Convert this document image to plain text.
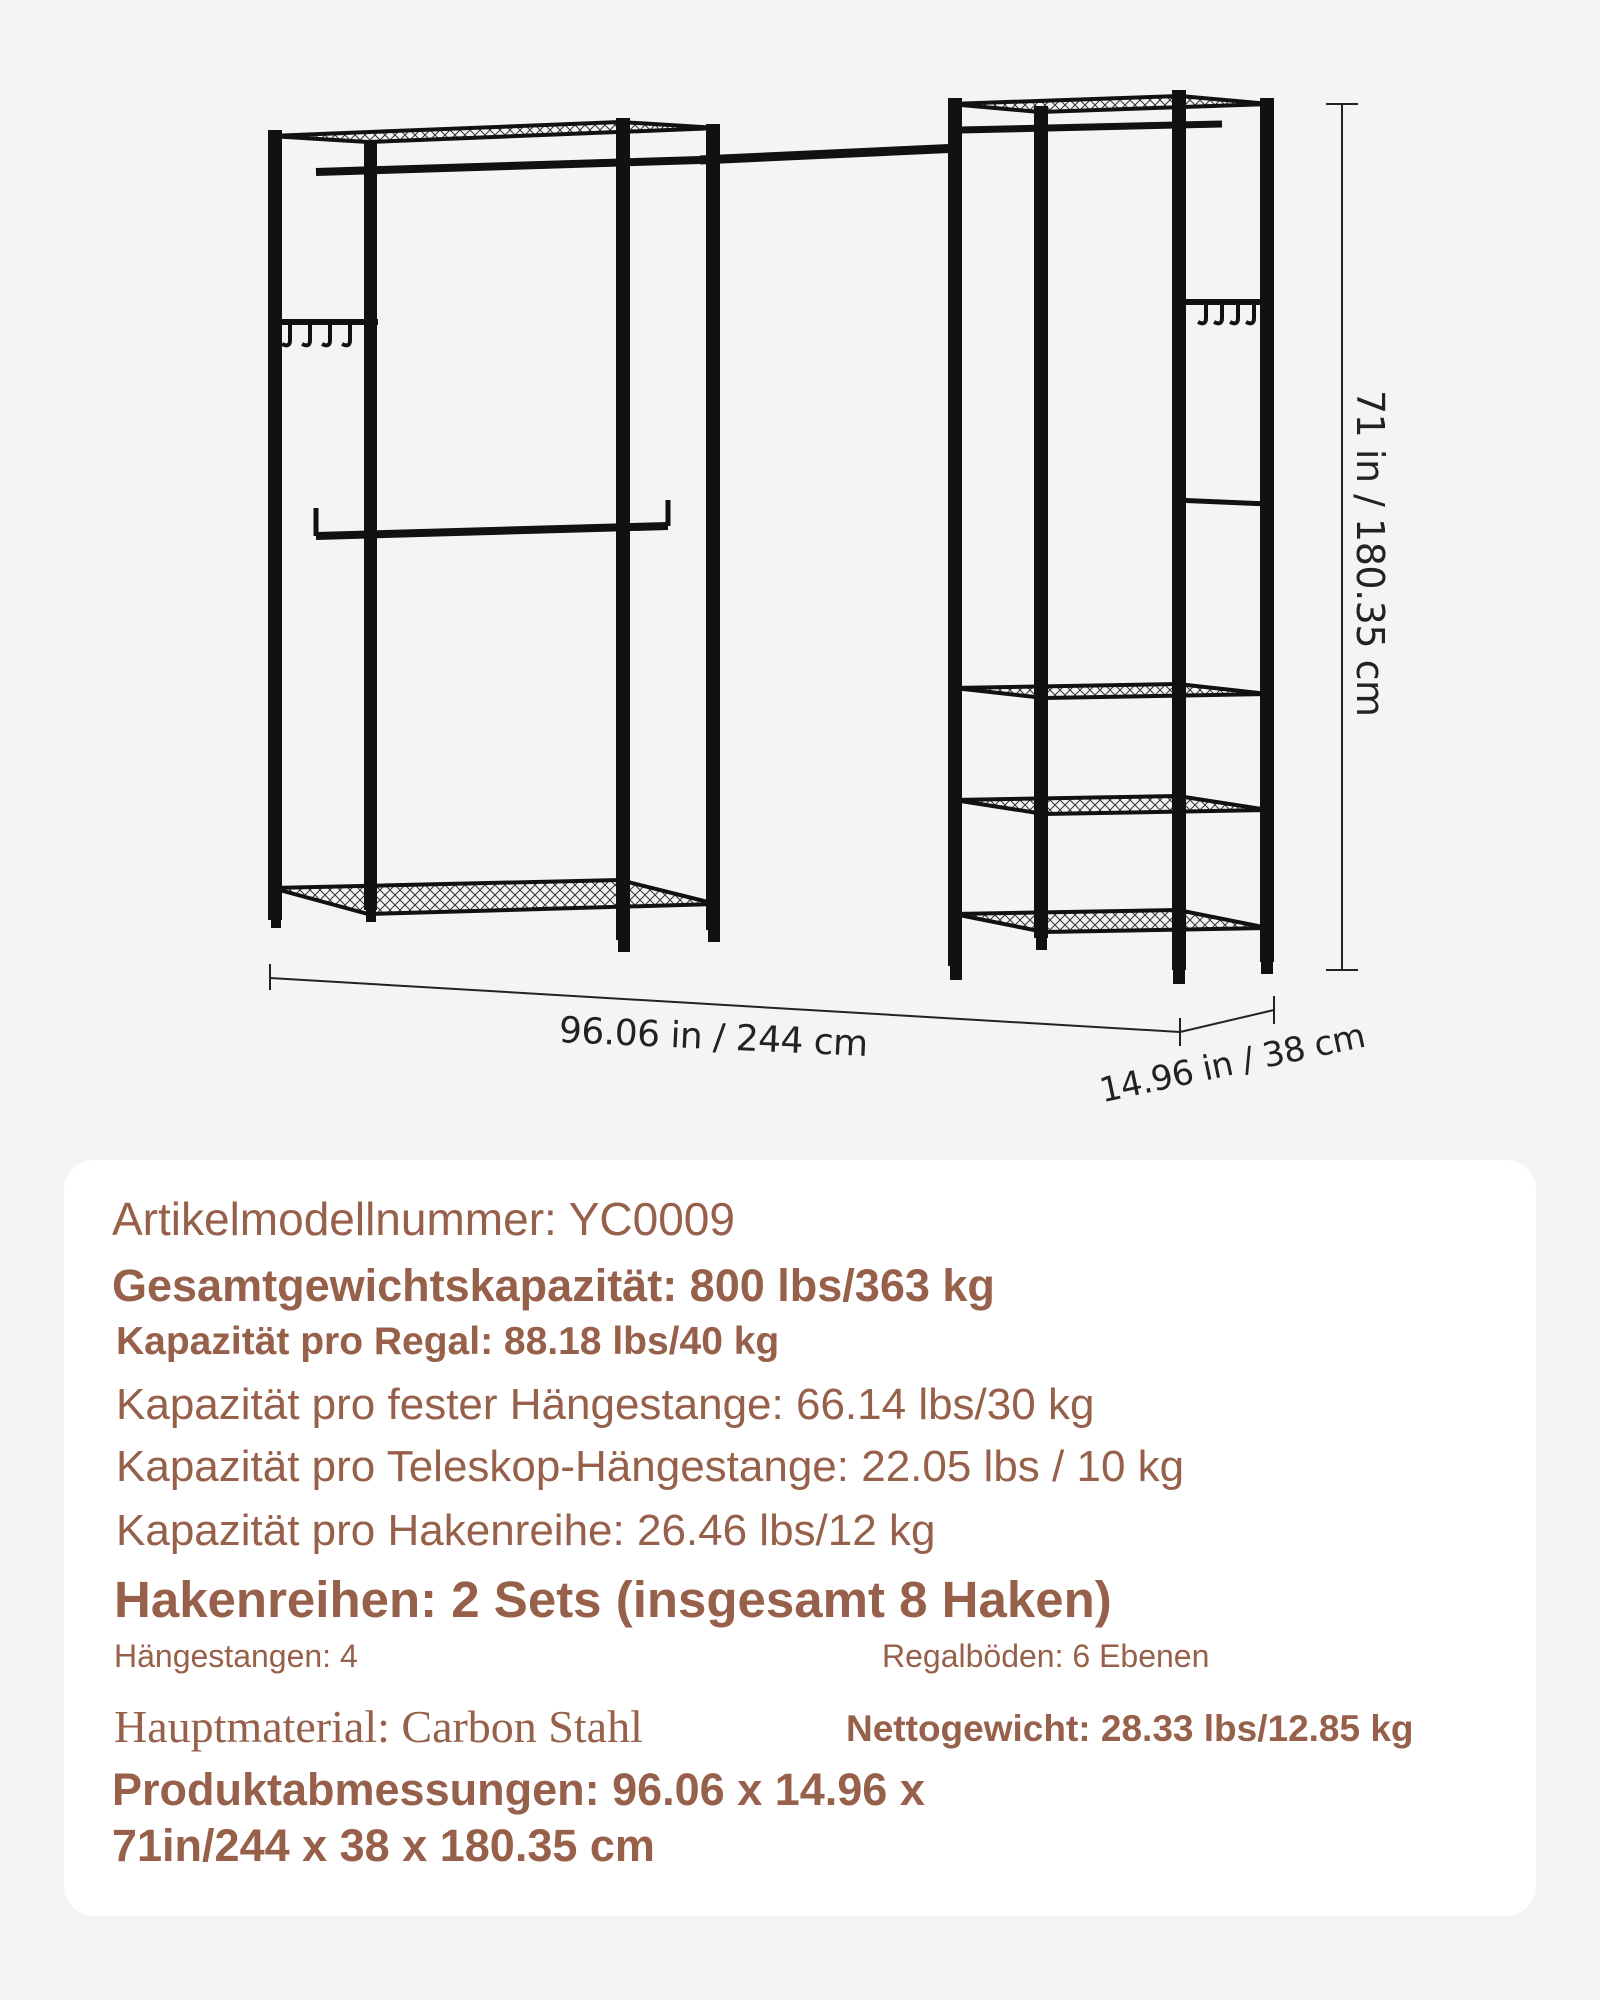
96.06 in / 244 cm	14.96 in / 38 cm
71 in / 180.35 cm
Artikelmodellnummer: YC0009
Gesamtgewichtskapazität: 800 lbs/363 kg
Kapazität pro Regal: 88.18 lbs/40 kg
Kapazität pro fester Hängestange: 66.14 lbs/30 kg
Kapazität pro Teleskop-Hängestange: 22.05 lbs / 10 kg
Kapazität pro Hakenreihe: 26.46 lbs/12 kg
Hakenreihen: 2 Sets (insgesamt 8 Haken)
Hängestangen: 4	Regalböden: 6 Ebenen
Hauptmaterial: Carbon Stahl	Nettogewicht: 28.33 lbs/12.85 kg
Produktabmessungen: 96.06 x 14.96 x
71in/244 x 38 x 180.35 cm
